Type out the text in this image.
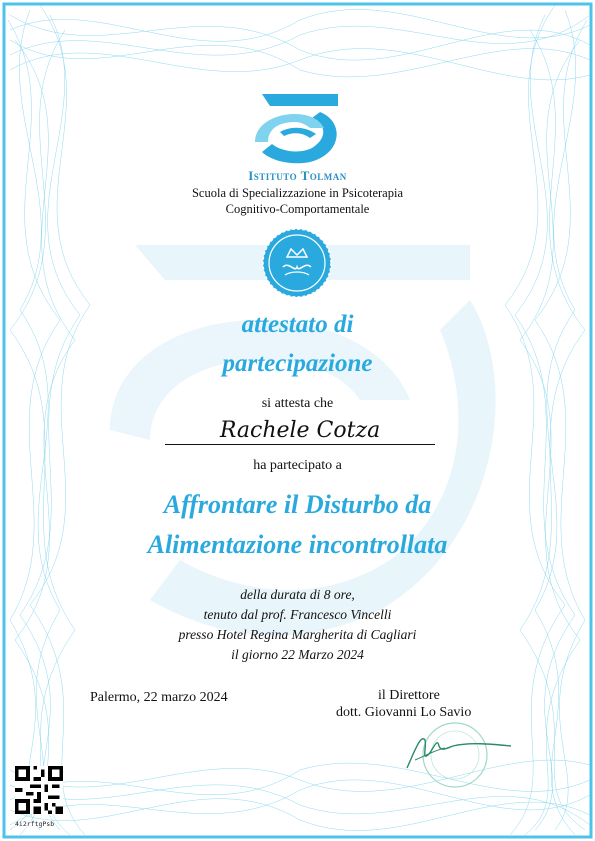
Istituto Tolman
Scuola di Specializzazione in Psicoterapia
Cognitivo-Comportamentale
attestato di
partecipazione
si attesta che
Rachele Cotza
ha partecipato a
Affrontare il Disturbo da
Alimentazione incontrollata
della durata di 8 ore,
tenuto dal prof. Francesco Vincelli
presso Hotel Regina Margherita di Cagliari
il giorno 22 Marzo 2024
Palermo, 22 marzo 2024	il Direttore
dott. Giovanni Lo Savio
4i2rftgPsb
